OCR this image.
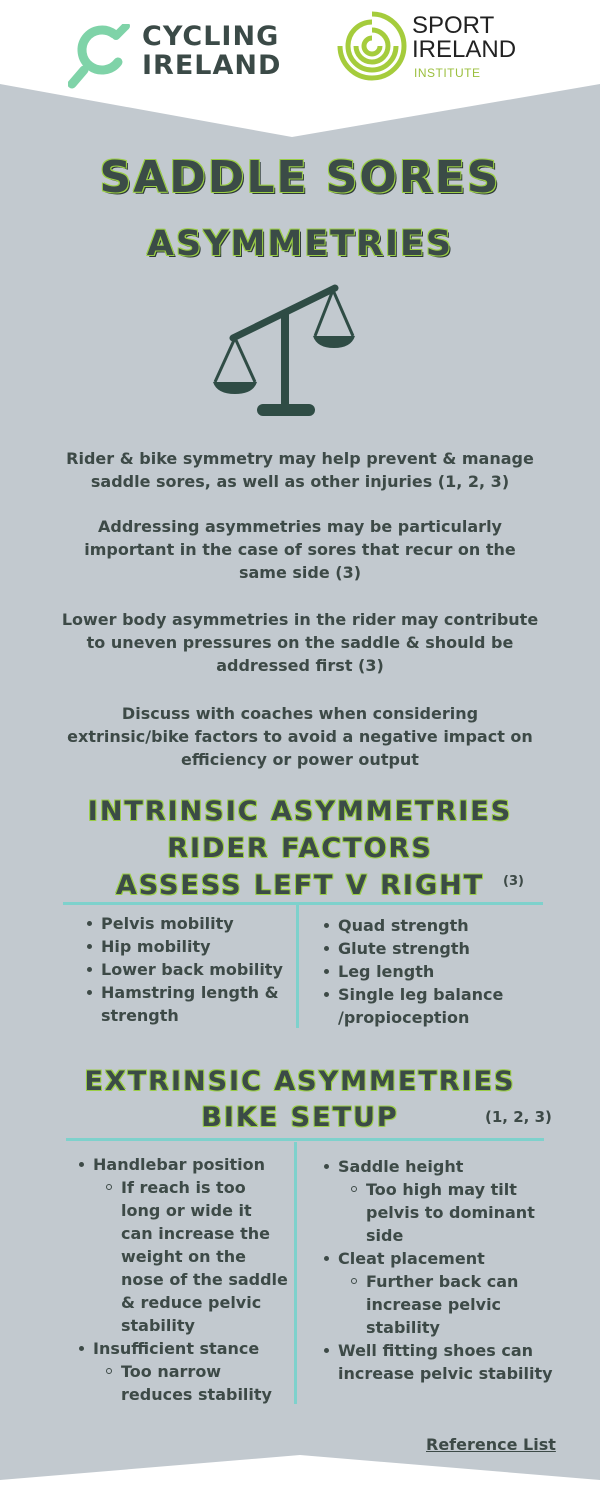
CYCLING
IRELAND
SPORT
IRELAND
INSTITUTE
SADDLE SORES
ASYMMETRIES
Rider & bike symmetry may help prevent & manage saddle sores, as well as other injuries (1, 2, 3)
Addressing asymmetries may be particularly important in the case of sores that recur on the same side (3)
Lower body asymmetries in the rider may contribute to uneven pressures on the saddle & should be addressed first (3)
Discuss with coaches when considering extrinsic/bike factors to avoid a negative impact on efficiency or power output
INTRINSIC ASYMMETRIES
RIDER FACTORS
ASSESS LEFT V RIGHT	(3)
Pelvis mobility
Hip mobility
Lower back mobility
Hamstring length & strength
Quad strength
Glute strength
Leg length
Single leg balance /propioception
EXTRINSIC ASYMMETRIES
BIKE SETUP	(1, 2, 3)
Handlebar position
If reach is too long or wide it can increase the weight on the nose of the saddle & reduce pelvic stability
Insufficient stance
Too narrow reduces stability
Saddle height
Too high may tilt pelvis to dominant side
Cleat placement
Further back can increase pelvic stability
Well fitting shoes can increase pelvic stability
Reference List
